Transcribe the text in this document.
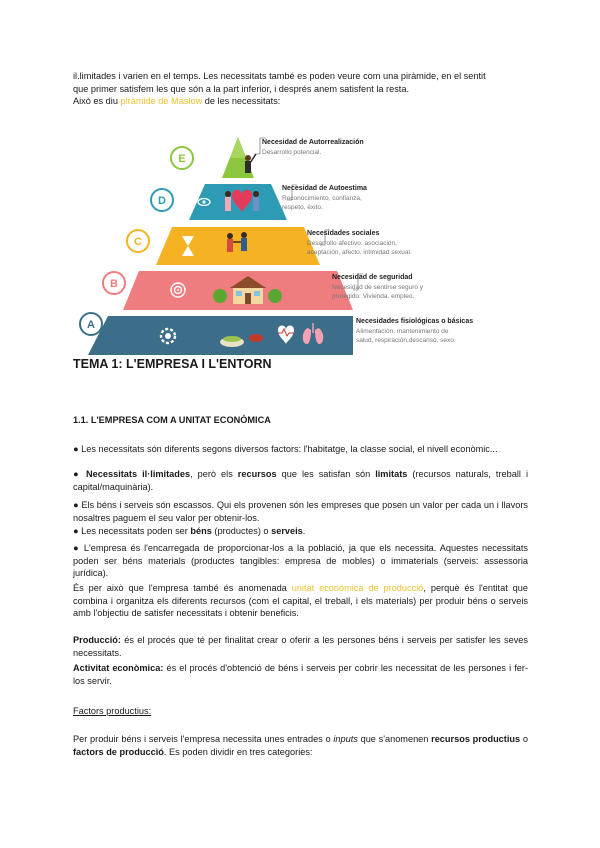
il.limitades i varien en el temps. Les necessitats també es poden veure com una piràmide, en el sentit
que primer satisfem les que són a la part inferior, i després anem satisfent la resta.
Això es diu piràmide de Maslow de les necessitats:
E
D
C
B
A
Necesidad de Autorrealización
Desarrollo potencial.
Necesidad de Autoestima
Reconocimiento, confianza,
respeto, éxito.
Necesidades sociales
Desarrollo afectivo. asociación,
aceptación, afecto. intimidad sexual.
Necesidad de seguridad
Necesidad de sentirse seguro y
protegido: Vivienda. empleo.
Necesidades fisiológicas o básicas
Alimentación, mantenimiento de
salud, respiración,descanso, sexo.
TEMA 1: L'EMPRESA I L'ENTORN
1.1. L'EMPRESA COM A UNITAT ECONÒMICA
● Les necessitats són diferents segons diversos factors: l'habitatge, la classe social, el nivell econòmic...
● Necessitats il·limitades, però els recursos que les satisfan són limitats (recursos naturals, treball i capital/maquinària).
● Els béns i serveis són escassos. Qui els provenen són les empreses que posen un valor per cada un i llavors nosaltres paguem el seu valor per obtenir-los.
● Les necessitats poden ser béns (productes) o serveis.
● L'empresa és l'encarregada de proporcionar-los a la població, ja que els necessita. Aquestes necessitats poden ser béns materials (productes tangibles: empresa de mobles) o immaterials (serveis: assessoria jurídica).
És per això que l'empresa també és anomenada unitat econòmica de producció, perquè és l'entitat que combina i organitza els diferents recursos (com el capital, el treball, i els materials) per produir béns o serveis amb l'objectiu de satisfer necessitats i obtenir beneficis.
Producció: és el procés que té per finalitat crear o oferir a les persones béns i serveis per satisfer les seves necessitats.
Activitat econòmica: és el procés d'obtenció de béns i serveis per cobrir les necessitat de les persones i fer-los servir.
Factors productius:
Per produir béns i serveis l'empresa necessita unes entrades o inputs que s'anomenen recursos productius o factors de producció. Es poden dividir en tres categories:
